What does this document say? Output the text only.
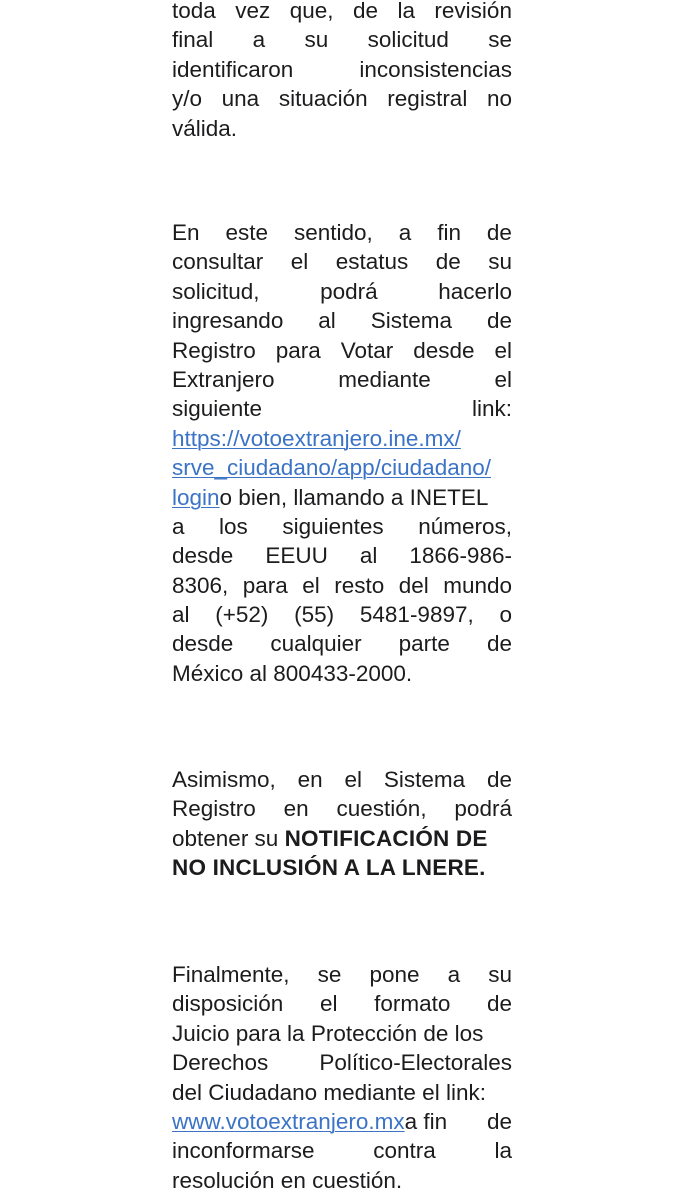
toda vez que, de la revisión
final a su solicitud se
identificaron	inconsistencias
y/o una situación registral no
válida.
En este sentido, a fin de
consultar el estatus de su
solicitud,	podrá	hacerlo
ingresando al Sistema de
Registro para Votar desde el
Extranjero	mediante	el
siguiente	link:
https://votoextranjero.ine.mx/
srve_ciudadano/app/ciudadano/
logino bien, llamando a INETEL
a los siguientes números,
desde EEUU al 1866-986-
8306, para el resto del mundo
al (+52) (55) 5481-9897, o
desde cualquier parte de
México al 800433-2000.
Asimismo, en el Sistema de
Registro en cuestión, podrá
obtener su NOTIFICACIÓN DE
NO INCLUSIÓN A LA LNERE.
Finalmente, se pone a su
disposición el formato de
Juicio para la Protección de los
Derechos Político-Electorales
del Ciudadano mediante el link:
www.votoextranjero.mxa fin de
inconformarse	contra	la
resolución en cuestión.
